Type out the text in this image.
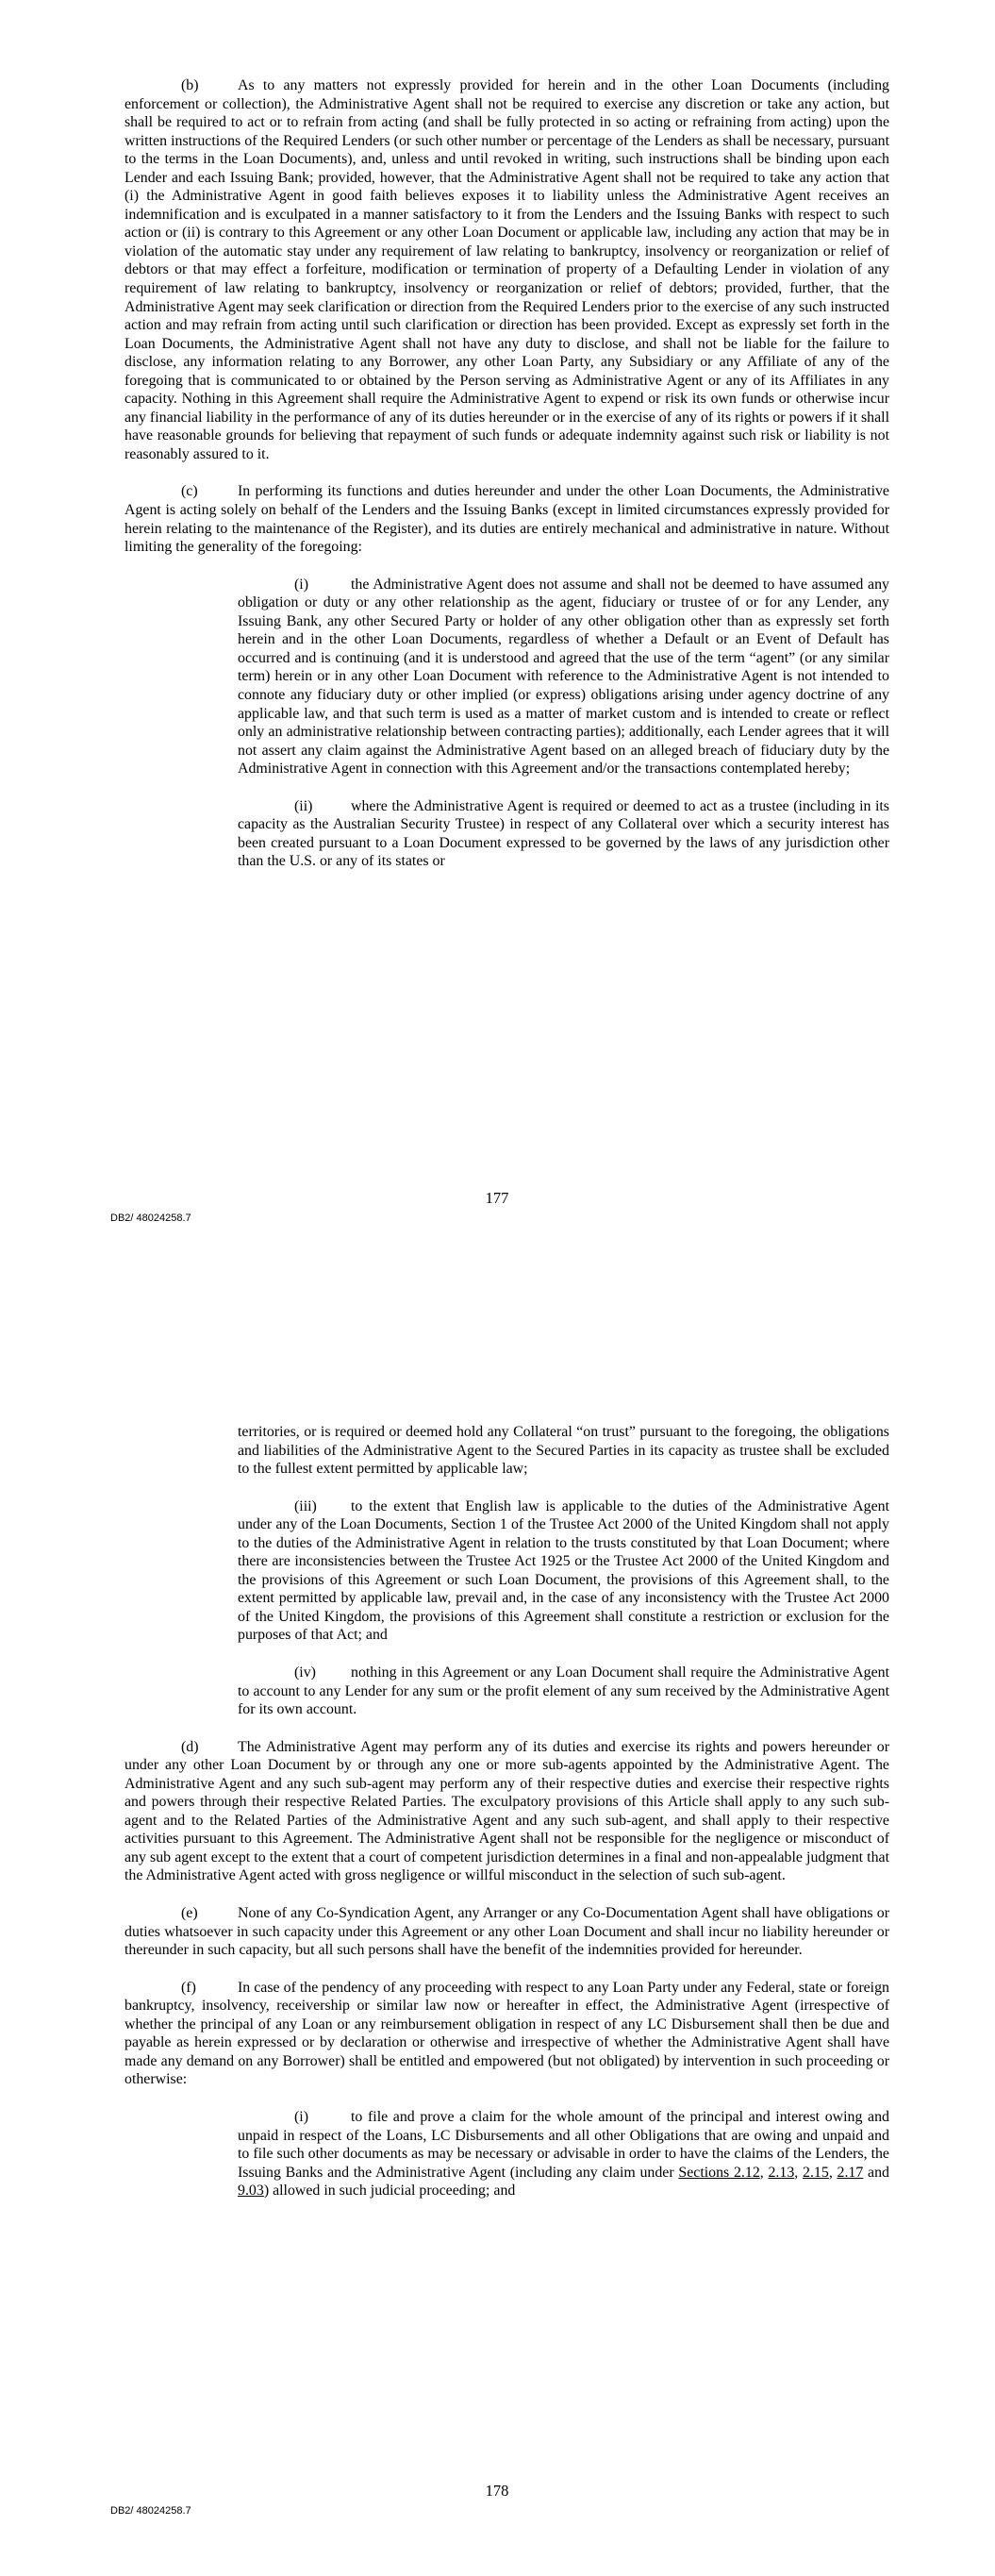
(b)	As to any matters not expressly provided for herein and in the other Loan Documents (including enforcement or collection), the Administrative Agent shall not be required to exercise any discretion or take any action, but shall be required to act or to refrain from acting (and shall be fully protected in so acting or refraining from acting) upon the written instructions of the Required Lenders (or such other number or percentage of the Lenders as shall be necessary, pursuant to the terms in the Loan Documents), and, unless and until revoked in writing, such instructions shall be binding upon each Lender and each Issuing Bank; provided, however, that the Administrative Agent shall not be required to take any action that (i) the Administrative Agent in good faith believes exposes it to liability unless the Administrative Agent receives an indemnification and is exculpated in a manner satisfactory to it from the Lenders and the Issuing Banks with respect to such action or (ii) is contrary to this Agreement or any other Loan Document or applicable law, including any action that may be in violation of the automatic stay under any requirement of law relating to bankruptcy, insolvency or reorganization or relief of debtors or that may effect a forfeiture, modification or termination of property of a Defaulting Lender in violation of any requirement of law relating to bankruptcy, insolvency or reorganization or relief of debtors; provided, further, that the Administrative Agent may seek clarification or direction from the Required Lenders prior to the exercise of any such instructed action and may refrain from acting until such clarification or direction has been provided. Except as expressly set forth in the Loan Documents, the Administrative Agent shall not have any duty to disclose, and shall not be liable for the failure to disclose, any information relating to any Borrower, any other Loan Party, any Subsidiary or any Affiliate of any of the foregoing that is communicated to or obtained by the Person serving as Administrative Agent or any of its Affiliates in any capacity. Nothing in this Agreement shall require the Administrative Agent to expend or risk its own funds or otherwise incur any financial liability in the performance of any of its duties hereunder or in the exercise of any of its rights or powers if it shall have reasonable grounds for believing that repayment of such funds or adequate indemnity against such risk or liability is not reasonably assured to it.

(c)	In performing its functions and duties hereunder and under the other Loan Documents, the Administrative Agent is acting solely on behalf of the Lenders and the Issuing Banks (except in limited circumstances expressly provided for herein relating to the maintenance of the Register), and its duties are entirely mechanical and administrative in nature. Without limiting the generality of the foregoing:

(i)	the Administrative Agent does not assume and shall not be deemed to have assumed any obligation or duty or any other relationship as the agent, fiduciary or trustee of or for any Lender, any Issuing Bank, any other Secured Party or holder of any other obligation other than as expressly set forth herein and in the other Loan Documents, regardless of whether a Default or an Event of Default has occurred and is continuing (and it is understood and agreed that the use of the term “agent” (or any similar term) herein or in any other Loan Document with reference to the Administrative Agent is not intended to connote any fiduciary duty or other implied (or express) obligations arising under agency doctrine of any applicable law, and that such term is used as a matter of market custom and is intended to create or reflect only an administrative relationship between contracting parties); additionally, each Lender agrees that it will not assert any claim against the Administrative Agent based on an alleged breach of fiduciary duty by the Administrative Agent in connection with this Agreement and/or the transactions contemplated hereby;

(ii)	where the Administrative Agent is required or deemed to act as a trustee (including in its capacity as the Australian Security Trustee) in respect of any Collateral over which a security interest has been created pursuant to a Loan Document expressed to be governed by the laws of any jurisdiction other than the U.S. or any of its states or

DB2/ 48024258.7
177

territories, or is required or deemed hold any Collateral “on trust” pursuant to the foregoing, the obligations and liabilities of the Administrative Agent to the Secured Parties in its capacity as trustee shall be excluded to the fullest extent permitted by applicable law;

(iii) to the extent that English law is applicable to the duties of the Administrative Agent under any of the Loan Documents, Section 1 of the Trustee Act 2000 of the United Kingdom shall not apply to the duties of the Administrative Agent in relation to the trusts constituted by that Loan Document; where there are inconsistencies between the Trustee Act 1925 or the Trustee Act 2000 of the United Kingdom and the provisions of this Agreement or such Loan Document, the provisions of this Agreement shall, to the extent permitted by applicable law, prevail and, in the case of any inconsistency with the Trustee Act 2000 of the United Kingdom, the provisions of this Agreement shall constitute a restriction or exclusion for the purposes of that Act; and

(iv) nothing in this Agreement or any Loan Document shall require the Administrative Agent to account to any Lender for any sum or the profit element of any sum received by the Administrative Agent for its own account.

(d)	The Administrative Agent may perform any of its duties and exercise its rights and powers hereunder or under any other Loan Document by or through any one or more sub-agents appointed by the Administrative Agent. The Administrative Agent and any such sub-agent may perform any of their respective duties and exercise their respective rights and powers through their respective Related Parties. The exculpatory provisions of this Article shall apply to any such sub-agent and to the Related Parties of the Administrative Agent and any such sub-agent, and shall apply to their respective activities pursuant to this Agreement. The Administrative Agent shall not be responsible for the negligence or misconduct of any sub agent except to the extent that a court of competent jurisdiction determines in a final and non-appealable judgment that the Administrative Agent acted with gross negligence or willful misconduct in the selection of such sub-agent.

(e)	None of any Co-Syndication Agent, any Arranger or any Co-Documentation Agent shall have obligations or duties whatsoever in such capacity under this Agreement or any other Loan Document and shall incur no liability hereunder or thereunder in such capacity, but all such persons shall have the benefit of the indemnities provided for hereunder.

(f)	In case of the pendency of any proceeding with respect to any Loan Party under any Federal, state or foreign bankruptcy, insolvency, receivership or similar law now or hereafter in effect, the Administrative Agent (irrespective of whether the principal of any Loan or any reimbursement obligation in respect of any LC Disbursement shall then be due and payable as herein expressed or by declaration or otherwise and irrespective of whether the Administrative Agent shall have made any demand on any Borrower) shall be entitled and empowered (but not obligated) by intervention in such proceeding or otherwise:

(i)	to file and prove a claim for the whole amount of the principal and interest owing and unpaid in respect of the Loans, LC Disbursements and all other Obligations that are owing and unpaid and to file such other documents as may be necessary or advisable in order to have the claims of the Lenders, the Issuing Banks and the Administrative Agent (including any claim under Sections 2.12, 2.13, 2.15, 2.17 and 9.03) allowed in such judicial proceeding; and

DB2/ 48024258.7
178
